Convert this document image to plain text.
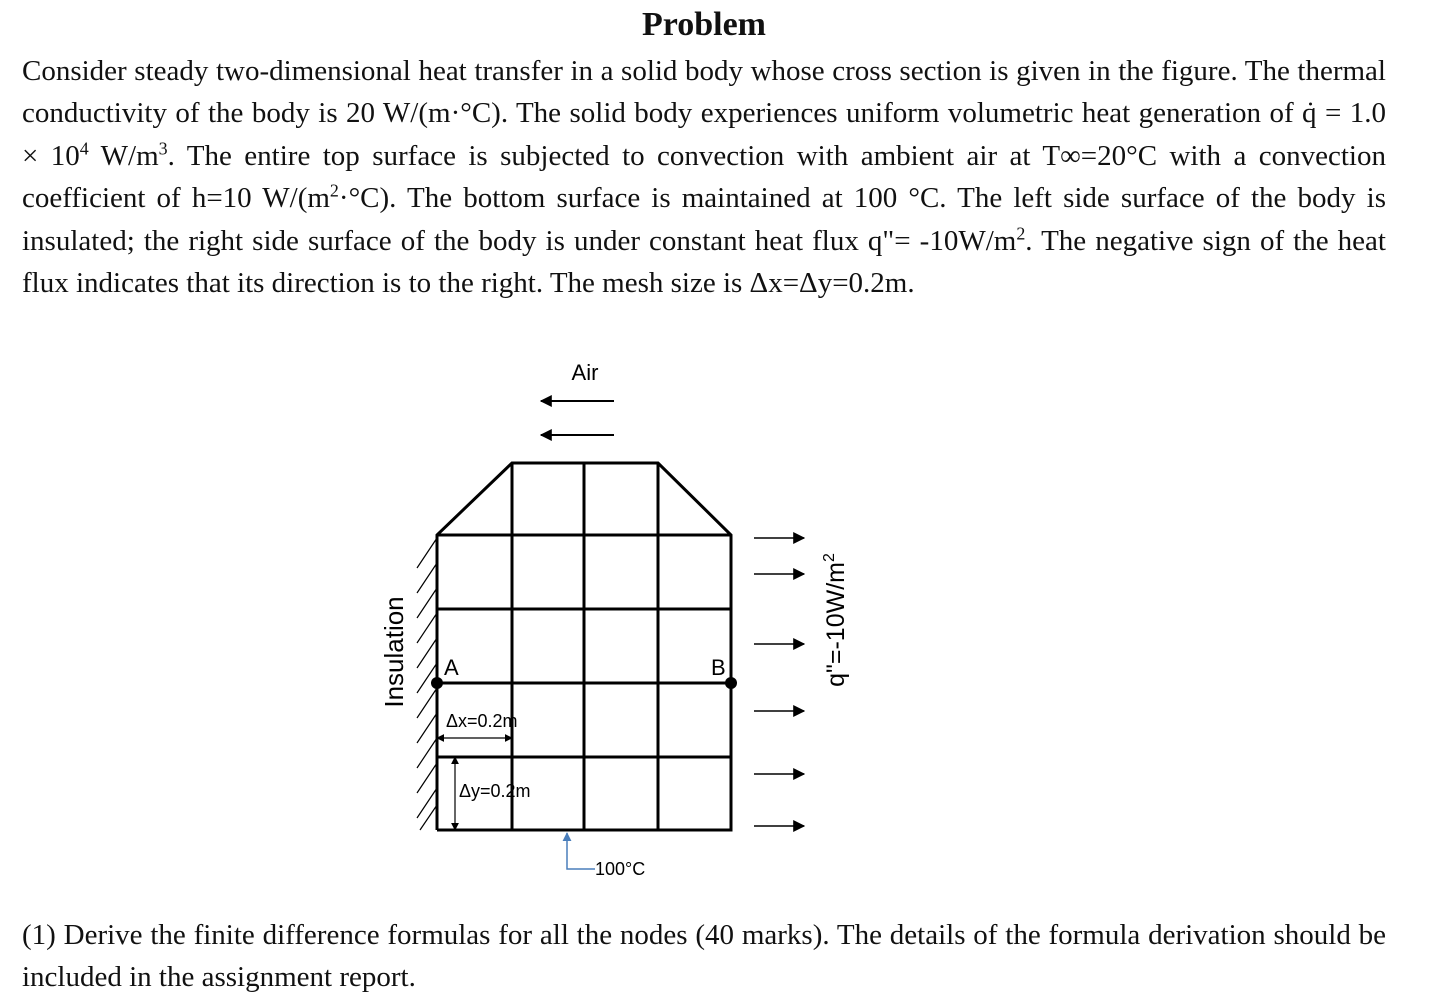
Problem
Consider steady two-dimensional heat transfer in a solid body whose cross section is given in the figure. The thermal conductivity of the body is 20 W/(m·°C). The solid body experiences uniform volumetric heat generation of q̇ = $1.0 \times 10^4$ $W/m^3$. The entire top surface is subjected to convection with ambient air at T∞=20°C with a convection coefficient of h=10 $W/(m^2\cdot^\circ C)$. The bottom surface is maintained at 100 °C. The left side surface of the body is insulated; the right side surface of the body is under constant heat flux q"= $-10W/m^2$. The negative sign of the heat flux indicates that its direction is to the right. The mesh size is Δx=Δy=0.2m.
Air
Insulation A	B
Δx=0.2m
Δy=0.2m
100°C
$q"=-10W/m^2$
(1) Derive the finite difference formulas for all the nodes (40 marks). The details of the formula derivation should be included in the assignment report.
